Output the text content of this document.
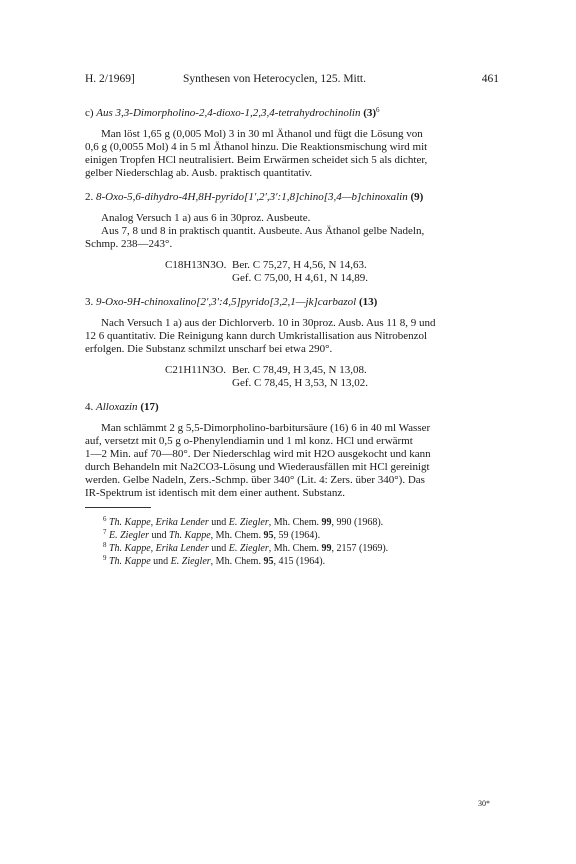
H. 2/1969]	Synthesen von Heterocyclen, 125. Mitt.	461
c) Aus 3,3-Dimorpholino-2,4-dioxo-1,2,3,4-tetrahydrochinolin $(3)^6$
Man löst 1,65 g (0,005 Mol) 3 in 30 ml Äthanol und fügt die Lösung von
0,6 g (0,0055 Mol) 4 in 5 ml Äthanol hinzu. Die Reaktionsmischung wird mit
einigen Tropfen HCl neutralisiert. Beim Erwärmen scheidet sich 5 als dichter,
gelber Niederschlag ab. Ausb. praktisch quantitativ.
2. 8-Oxo-5,6-dihydro-4H,8H-pyrido[1′,2′,3′:1,8]chino[3,4—b]chinoxalin (9)
Analog Versuch 1 a) aus 6 in 30proz. Ausbeute.
Aus 7, 8 und 8 in praktisch quantit. Ausbeute. Aus Äthanol gelbe Nadeln,
Schmp. 238—243°.
C18H13N3O. Ber. C 75,27, H 4,56, N 14,63.
Gef. C 75,00, H 4,61, N 14,89.
3. 9-Oxo-9H-chinoxalino[2′,3′:4,5]pyrido[3,2,1—jk]carbazol (13)
Nach Versuch 1 a) aus der Dichlorverb. 10 in 30proz. Ausb. Aus 11 8, 9 und
12 6 quantitativ. Die Reinigung kann durch Umkristallisation aus Nitrobenzol
erfolgen. Die Substanz schmilzt unscharf bei etwa 290°.
C21H11N3O. Ber. C 78,49, H 3,45, N 13,08.
Gef. C 78,45, H 3,53, N 13,02.
4. Alloxazin (17)
Man schlämmt 2 g 5,5-Dimorpholino-barbitursäure (16) 6 in 40 ml Wasser
auf, versetzt mit 0,5 g o-Phenylendiamin und 1 ml konz. HCl und erwärmt
1—2 Min. auf 70—80°. Der Niederschlag wird mit H2O ausgekocht und kann
durch Behandeln mit Na2CO3-Lösung und Wiederausfällen mit HCl gereinigt
werden. Gelbe Nadeln, Zers.-Schmp. über 340° (Lit. 4: Zers. über 340°). Das
IR-Spektrum ist identisch mit dem einer authent. Substanz.
$^6$ Th. Kappe, Erika Lender und E. Ziegler, Mh. Chem. 99, 990 (1968).
$^7$ E. Ziegler und Th. Kappe, Mh. Chem. 95, 59 (1964).
$^8$ Th. Kappe, Erika Lender und E. Ziegler, Mh. Chem. 99, 2157 (1969).
$^9$ Th. Kappe und E. Ziegler, Mh. Chem. 95, 415 (1964).
30*
